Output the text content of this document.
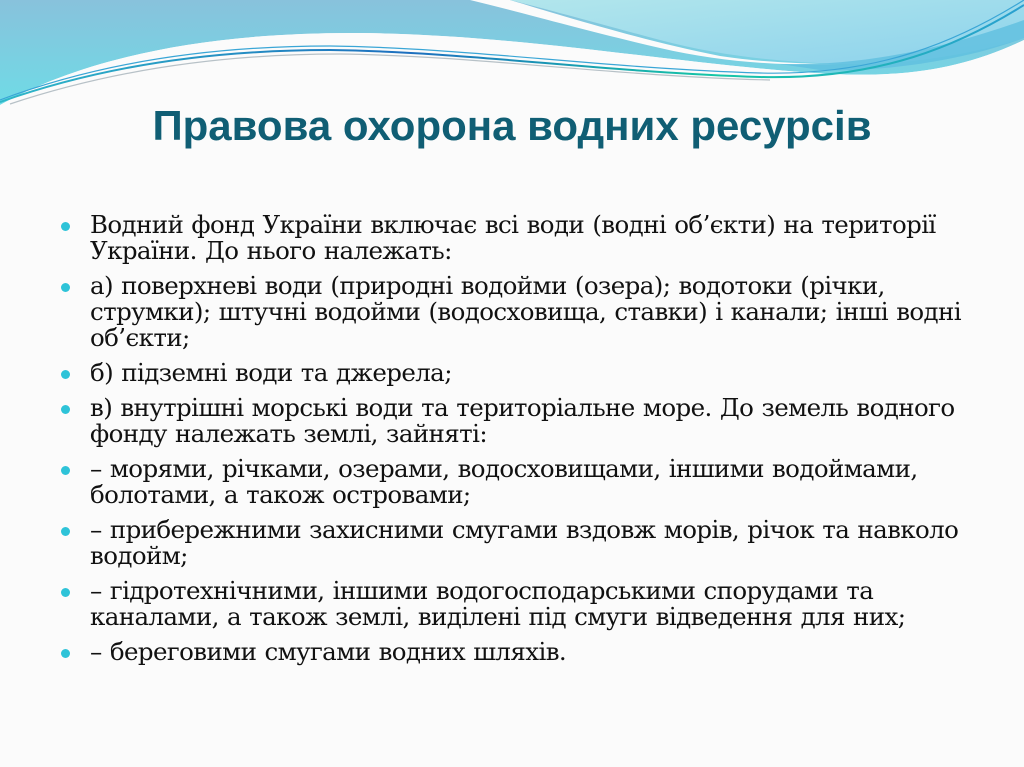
Правова охорона водних ресурсів
Водний фонд України включає всі води (водні об’єкти) на території України. До нього належать:
а) поверхневі води (природні водойми (озера); водотоки (річки, струмки); штучні водойми (водосховища, ставки) і канали; інші водні об’єкти;
б) підземні води та джерела;
в) внутрішні морські води та територіальне море. До земель водного фонду належать землі, зайняті:
– морями, річками, озерами, водосховищами, іншими водоймами, болотами, а також островами;
– прибережними захисними смугами вздовж морів, річок та навколо водойм;
– гідротехнічними, іншими водогосподарськими спорудами та каналами, а також землі, виділені під смуги відведення для них;
– береговими смугами водних шляхів.
